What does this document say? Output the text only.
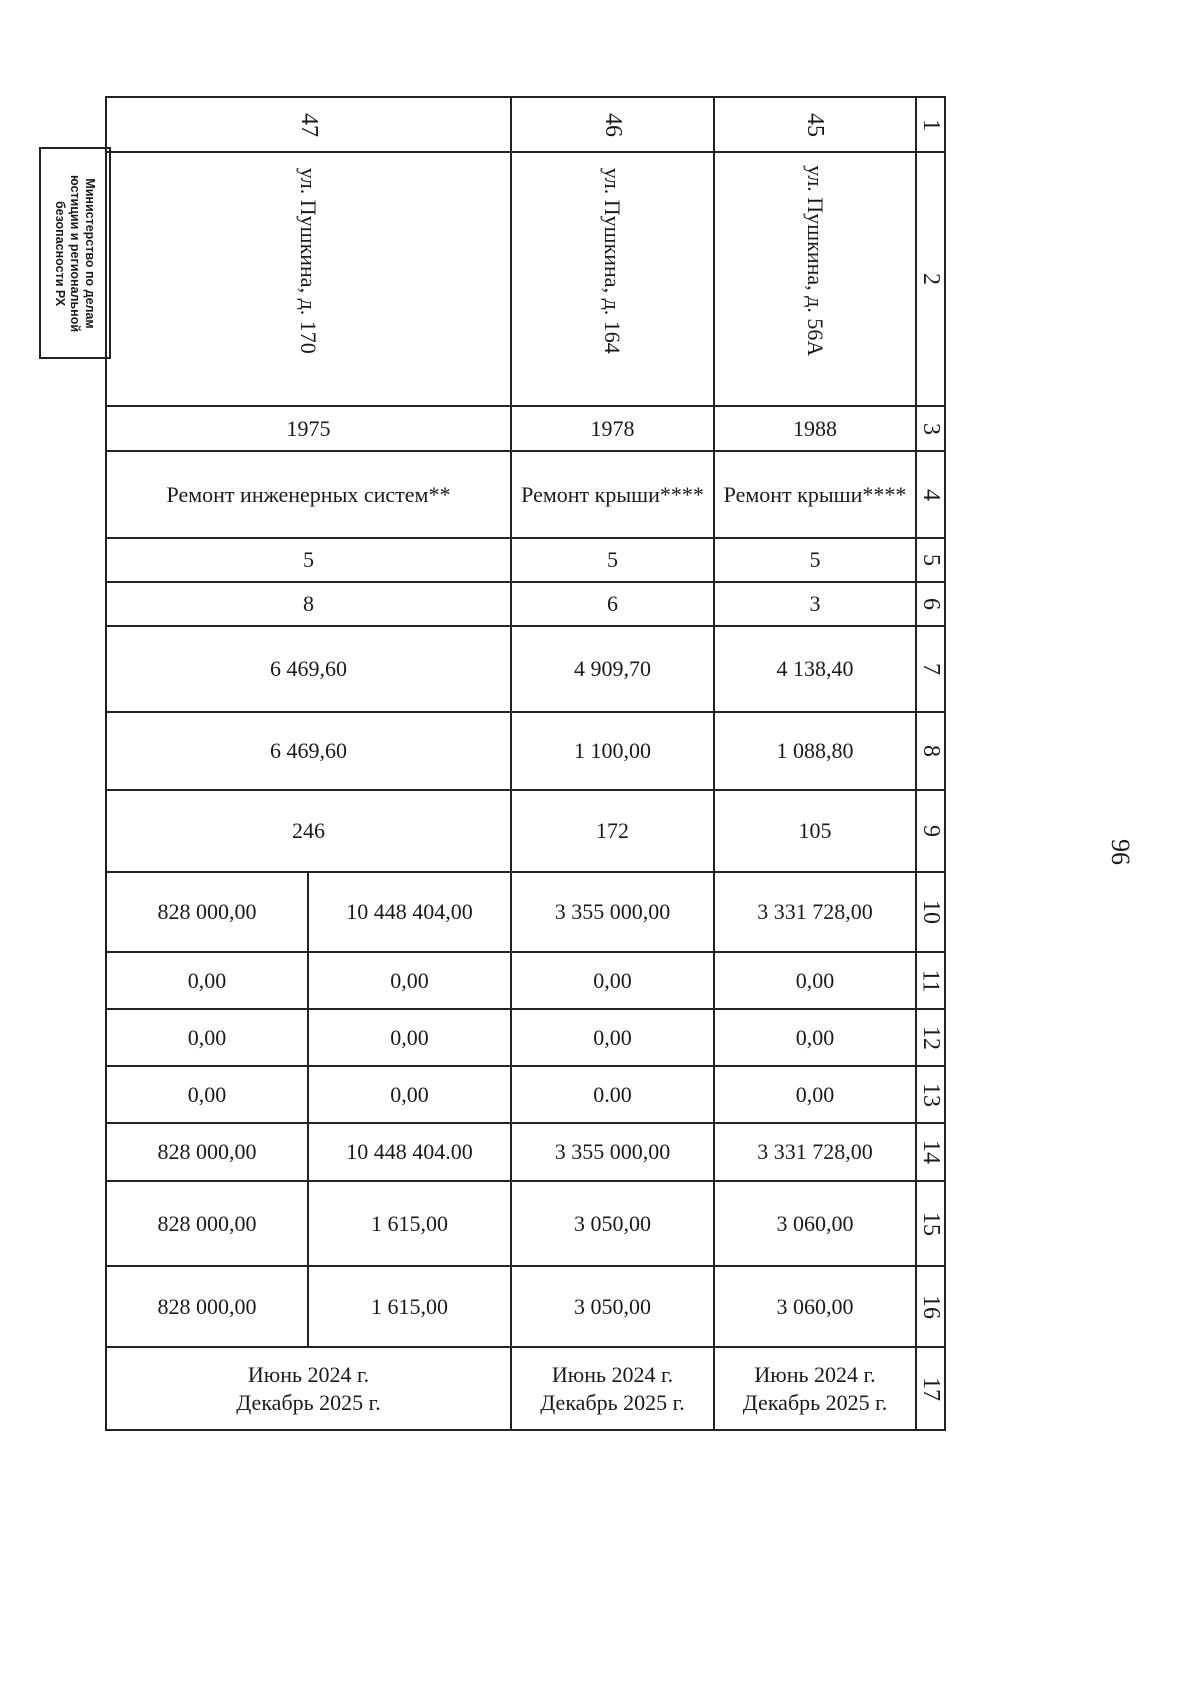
1
2
3
4
5
6
7
8
9
10
11
12
13
14
15
16
17
45
ул. Пушкина, д. 56А
1988
Ремонт крыши****
5
3
4 138,40
1 088,80
105
3 331 728,00
0,00
0,00
0,00
3 331 728,00
3 060,00
3 060,00
Июнь 2024 г.
Декабрь 2025 г.
46
ул. Пушкина, д. 164
1978
Ремонт крыши****
5
6
4 909,70
1 100,00
172
3 355 000,00
0,00
0,00
0.00
3 355 000,00
3 050,00
3 050,00
Июнь 2024 г.
Декабрь 2025 г.
47
ул. Пушкина, д. 170
1975
Ремонт инженерных систем**
5
8
6 469,60
6 469,60
246
10 448 404,00
828 000,00
0,00
0,00
0,00
0,00
0,00
0,00
10 448 404.00
828 000,00
1 615,00
828 000,00
1 615,00
828 000,00
Июнь 2024 г.
Декабрь 2025 г.
Министерство по делам
юстиции и региональной
безопасности РХ
96
